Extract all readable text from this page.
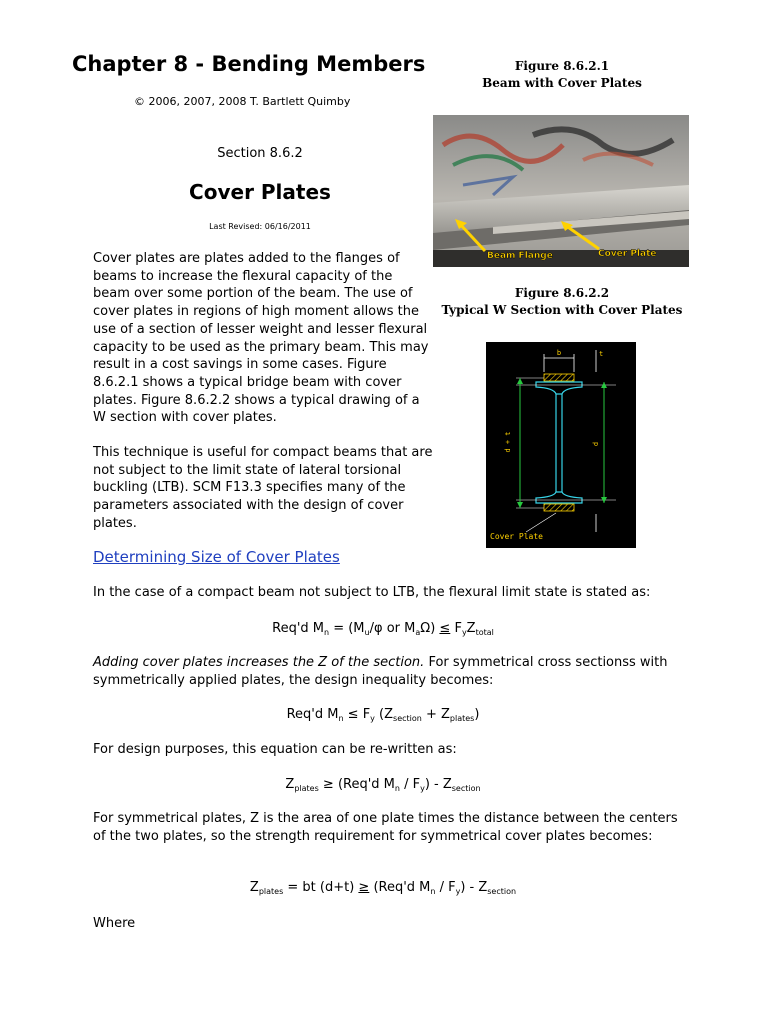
Chapter 8 - Bending Members
© 2006, 2007, 2008 T. Bartlett Quimby
Section 8.6.2
Cover Plates
Last Revised: 06/16/2011
Figure 8.6.2.1
Beam with Cover Plates
Beam Flange	Cover Plate
Figure 8.6.2.2
Typical W Section with Cover Plates
b	t
d + t	d
Cover Plate
Cover plates are plates added to the flanges of beams to increase the flexural capacity of the beam over some portion of the beam. The use of cover plates in regions of high moment allows the use of a section of lesser weight and lesser flexural capacity to be used as the primary beam. This may result in a cost savings in some cases. Figure 8.6.2.1 shows a typical bridge beam with cover plates. Figure 8.6.2.2 shows a typical drawing of a W section with cover plates.
This technique is useful for compact beams that are not subject to the limit state of lateral torsional buckling (LTB). SCM F13.3 specifies many of the parameters associated with the design of cover plates.
Determining Size of Cover Plates
In the case of a compact beam not subject to LTB, the flexural limit state is stated as:
Req'd $M_n = (M_u/\varphi$ or $M_a\Omega) \le F_yZ_{total}$
Adding cover plates increases the Z of the section. For symmetrical cross sectionss with symmetrically applied plates, the design inequality becomes:
Req'd $M_n \le F_y$ $(Z_{section} + Z_{plates})$
For design purposes, this equation can be re-written as:
$Z_{plates} \ge (Req'd$ $M_n / F_y) - Z_{section}$
For symmetrical plates, Z is the area of one plate times the distance between the centers of the two plates, so the strength requirement for symmetrical cover plates becomes:
$Z_{plates}$ = bt (d+t) ≥ (Req'd $M_n / F_y) - Z_{section}$
Where
